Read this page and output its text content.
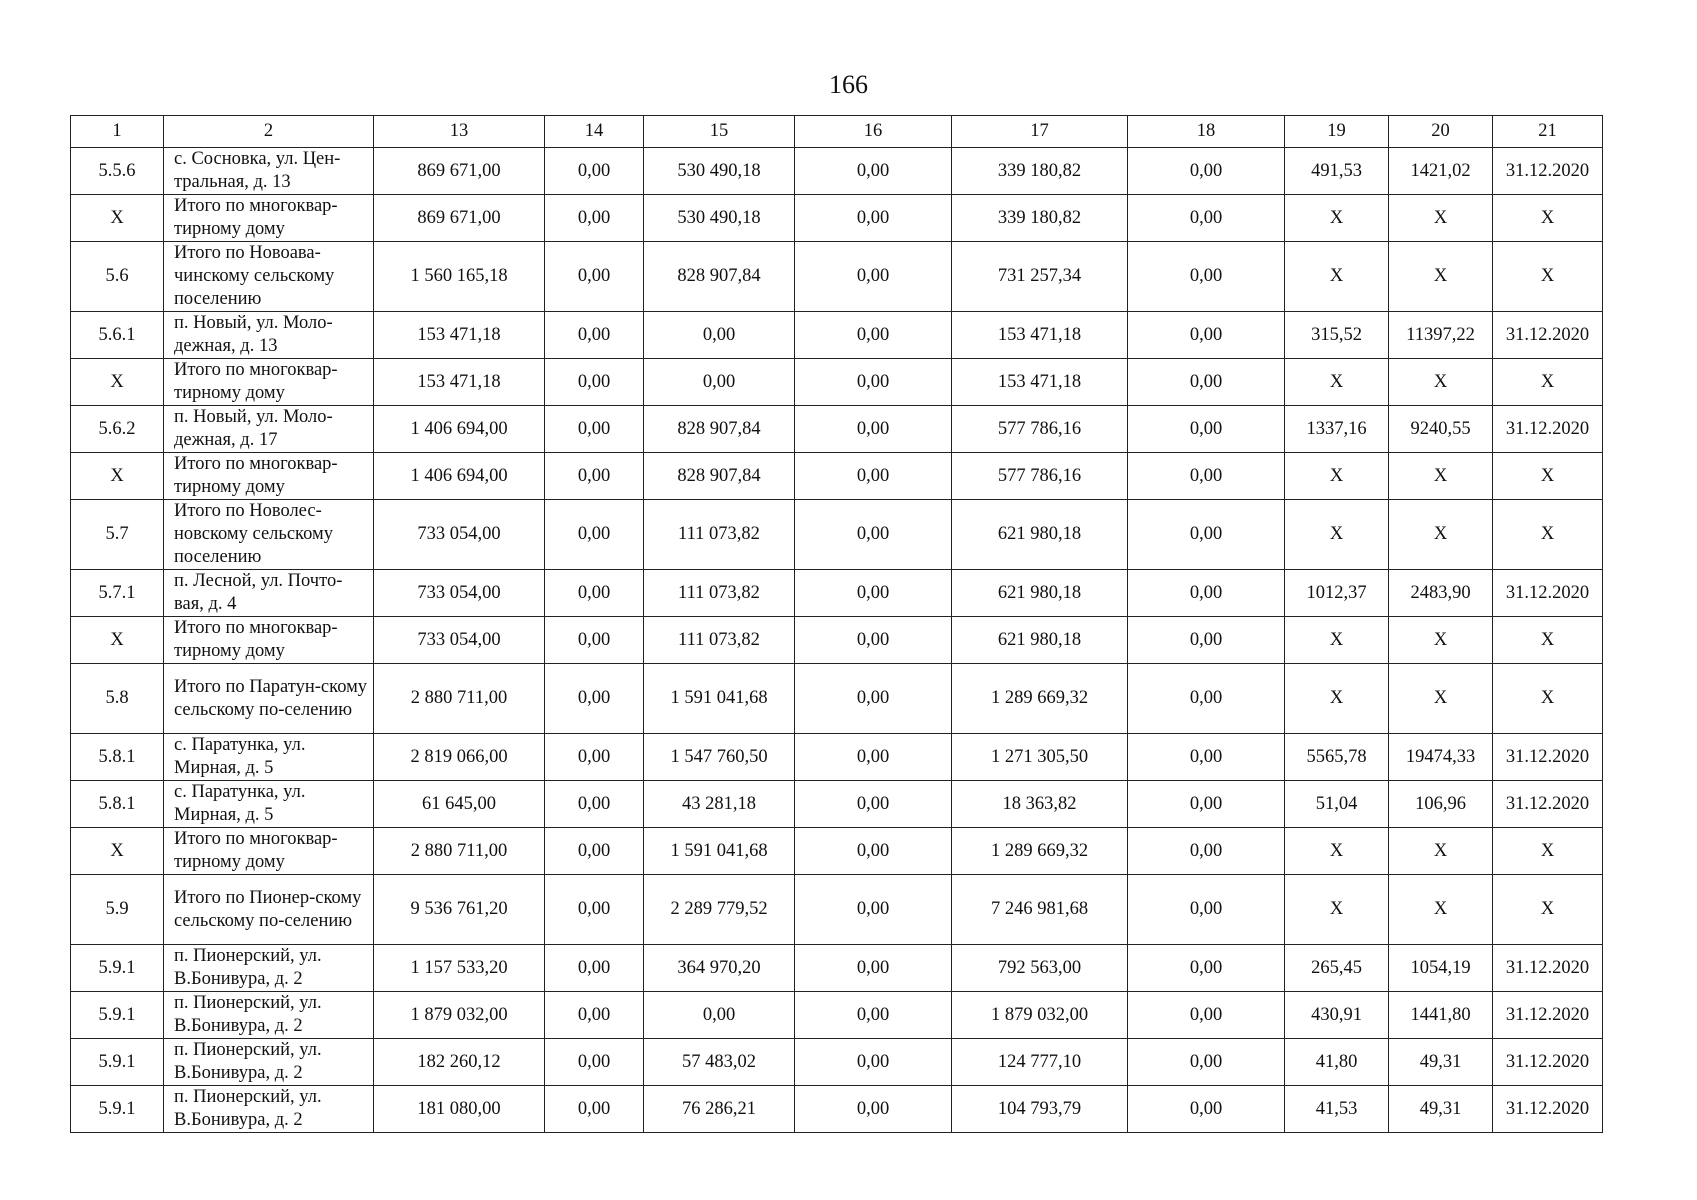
166
1	2	13	14	15	16	17	18	19	20	21
5.5.6	с. Сосновка, ул. Цен-тральная, д. 13	869 671,00	0,00	530 490,18	0,00	339 180,82	0,00	491,53	1421,02	31.12.2020
X	Итого по многоквар-тирному дому	869 671,00	0,00	530 490,18	0,00	339 180,82	0,00	X	X	X
5.6	Итого по Новоава-чинскому сельскому поселению	1 560 165,18	0,00	828 907,84	0,00	731 257,34	0,00	X	X	X
5.6.1	п. Новый, ул. Моло-дежная, д. 13	153 471,18	0,00	0,00	0,00	153 471,18	0,00	315,52	11397,22	31.12.2020
X	Итого по многоквар-тирному дому	153 471,18	0,00	0,00	0,00	153 471,18	0,00	X	X	X
5.6.2	п. Новый, ул. Моло-дежная, д. 17	1 406 694,00	0,00	828 907,84	0,00	577 786,16	0,00	1337,16	9240,55	31.12.2020
X	Итого по многоквар-тирному дому	1 406 694,00	0,00	828 907,84	0,00	577 786,16	0,00	X	X	X
5.7	Итого по Новолес-новскому сельскому поселению	733 054,00	0,00	111 073,82	0,00	621 980,18	0,00	X	X	X
5.7.1	п. Лесной, ул. Почто-вая, д. 4	733 054,00	0,00	111 073,82	0,00	621 980,18	0,00	1012,37	2483,90	31.12.2020
X	Итого по многоквар-тирному дому	733 054,00	0,00	111 073,82	0,00	621 980,18	0,00	X	X	X
5.8	Итого по Паратун-скому сельскому по-селению	2 880 711,00	0,00	1 591 041,68	0,00	1 289 669,32	0,00	X	X	X
5.8.1	с. Паратунка, ул. Мирная, д. 5	2 819 066,00	0,00	1 547 760,50	0,00	1 271 305,50	0,00	5565,78	19474,33	31.12.2020
5.8.1	с. Паратунка, ул. Мирная, д. 5	61 645,00	0,00	43 281,18	0,00	18 363,82	0,00	51,04	106,96	31.12.2020
X	Итого по многоквар-тирному дому	2 880 711,00	0,00	1 591 041,68	0,00	1 289 669,32	0,00	X	X	X
5.9	Итого по Пионер-скому сельскому по-селению	9 536 761,20	0,00	2 289 779,52	0,00	7 246 981,68	0,00	X	X	X
5.9.1	п. Пионерский, ул. В.Бонивура, д. 2	1 157 533,20	0,00	364 970,20	0,00	792 563,00	0,00	265,45	1054,19	31.12.2020
5.9.1	п. Пионерский, ул. В.Бонивура, д. 2	1 879 032,00	0,00	0,00	0,00	1 879 032,00	0,00	430,91	1441,80	31.12.2020
5.9.1	п. Пионерский, ул. В.Бонивура, д. 2	182 260,12	0,00	57 483,02	0,00	124 777,10	0,00	41,80	49,31	31.12.2020
5.9.1	п. Пионерский, ул. В.Бонивура, д. 2	181 080,00	0,00	76 286,21	0,00	104 793,79	0,00	41,53	49,31	31.12.2020
